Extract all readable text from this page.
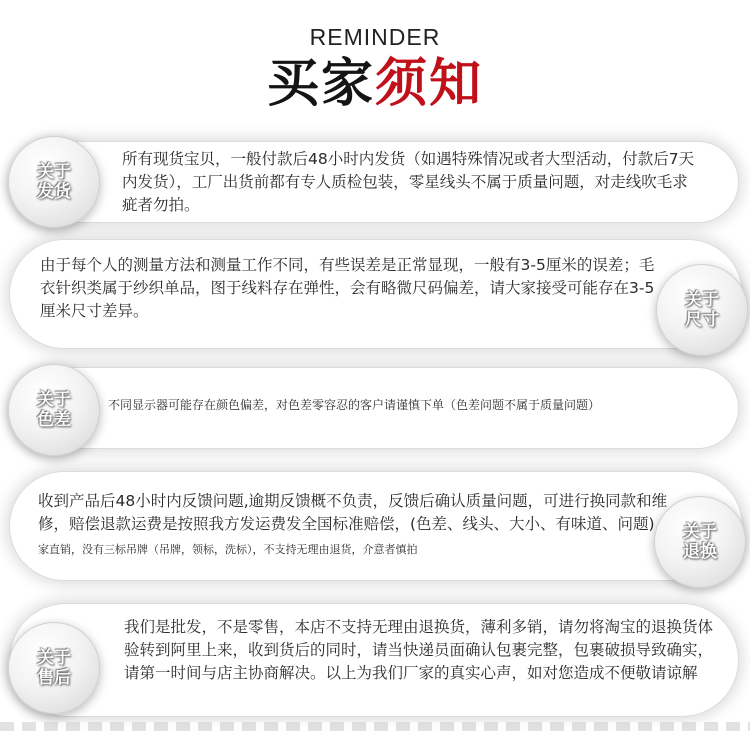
REMINDER
买家须知
所有现货宝贝，一般付款后48小时内发货（如遇特殊情况或者大型活动，付款后7天内发货），工厂出货前都有专人质检包装，零星线头不属于质量问题，对走线吹毛求疵者勿拍。
关于
发货
由于每个人的测量方法和测量工作不同，有些误差是正常显现，一般有3-5厘米的误差；毛衣针织类属于纱织单品，图于线料存在弹性，会有略微尺码偏差，请大家接受可能存在3-5厘米尺寸差异。
关于
尺寸
不同显示器可能存在颜色偏差，对色差零容忍的客户请谨慎下单（色差问题不属于质量问题）
关于
色差
收到产品后48小时内反馈问题,逾期反馈概不负责，反馈后确认质量问题，可进行换同款和维修，赔偿退款运费是按照我方发运费发全国标准赔偿，(色差、线头、大小、有味道、问题) 家直销，没有三标吊牌（吊牌，领标，洗标），不支持无理由退货，介意者慎拍
关于
退换
我们是批发，不是零售，本店不支持无理由退换货，薄利多销，请勿将淘宝的退换货体验转到阿里上来，收到货后的同时，请当快递员面确认包裹完整，包裹破损导致确实，请第一时间与店主协商解决。以上为我们厂家的真实心声，如对您造成不便敬请谅解
关于
售后
